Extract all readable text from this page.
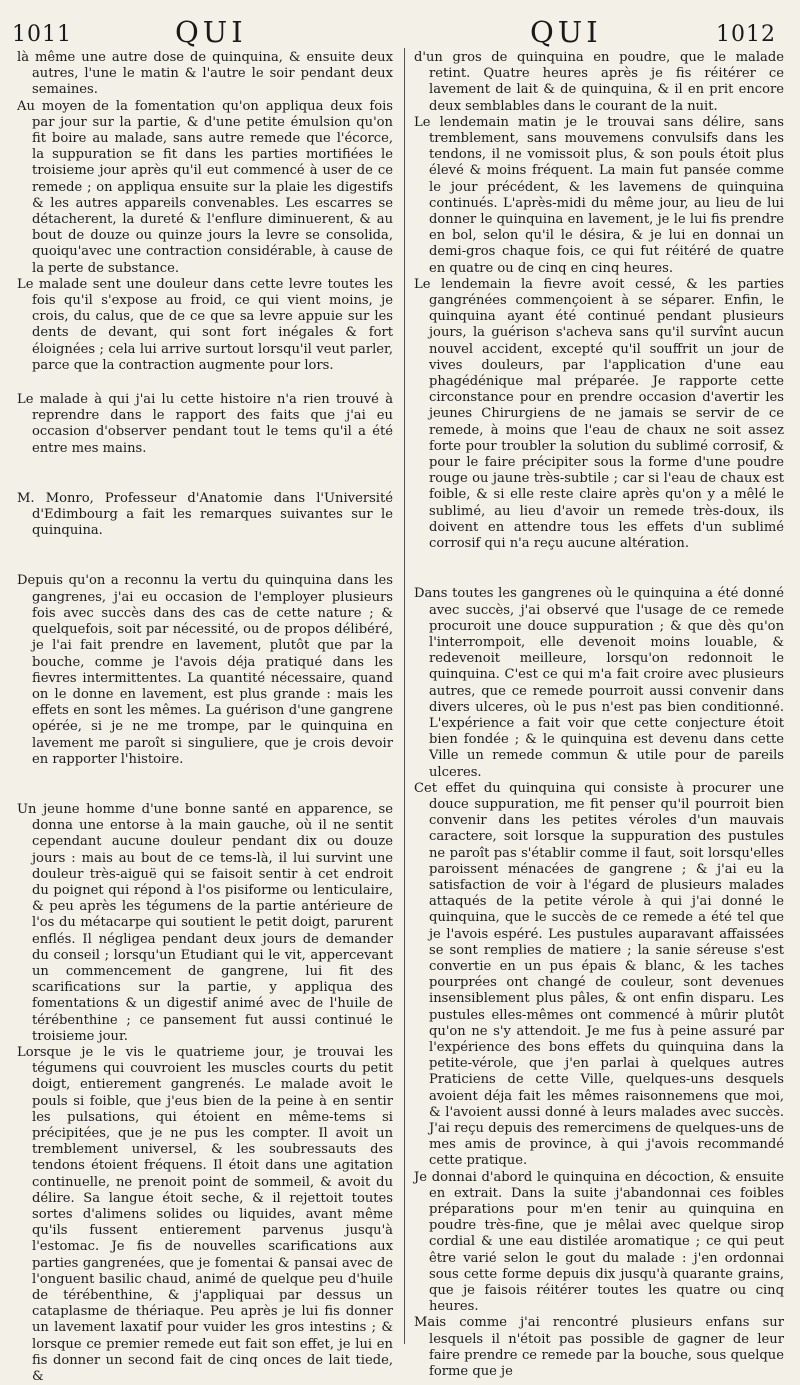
1011	QUI	QUI	1012

là même une autre dose de quinquina, & ensuite deux autres, l'une le matin & l'autre le soir pendant deux semaines.

Au moyen de la fomentation qu'on appliqua deux fois par jour sur la partie, & d'une petite émulsion qu'on fit boire au malade, sans autre remede que l'écorce, la suppuration se fit dans les parties mortifiées le troisieme jour après qu'il eut commencé à user de ce remede ; on appliqua ensuite sur la plaie les digestifs & les autres appareils convenables. Les escarres se détacherent, la dureté & l'enflure diminuerent, & au bout de douze ou quinze jours la levre se consolida, quoiqu'avec une contraction considérable, à cause de la perte de substance.

Le malade sent une douleur dans cette levre toutes les fois qu'il s'expose au froid, ce qui vient moins, je crois, du calus, que de ce que sa levre appuie sur les dents de devant, qui sont fort inégales & fort éloignées ; cela lui arrive surtout lorsqu'il veut parler, parce que la contraction augmente pour lors.

Le malade à qui j'ai lu cette histoire n'a rien trouvé à reprendre dans le rapport des faits que j'ai eu occasion d'observer pendant tout le tems qu'il a été entre mes mains.

M. Monro, Professeur d'Anatomie dans l'Université d'Edimbourg a fait les remarques suivantes sur le quinquina.

Depuis qu'on a reconnu la vertu du quinquina dans les gangrenes, j'ai eu occasion de l'employer plusieurs fois avec succès dans des cas de cette nature ; & quelquefois, soit par nécessité, ou de propos délibéré, je l'ai fait prendre en lavement, plutôt que par la bouche, comme je l'avois déja pratiqué dans les fievres intermittentes. La quantité nécessaire, quand on le donne en lavement, est plus grande : mais les effets en sont les mêmes. La guérison d'une gangrene opérée, si je ne me trompe, par le quinquina en lavement me paroît si singuliere, que je crois devoir en rapporter l'histoire.

Un jeune homme d'une bonne santé en apparence, se donna une entorse à la main gauche, où il ne sentit cependant aucune douleur pendant dix ou douze jours : mais au bout de ce tems-là, il lui survint une douleur très-aiguë qui se faisoit sentir à cet endroit du poignet qui répond à l'os pisiforme ou lenticulaire, & peu après les tégumens de la partie antérieure de l'os du métacarpe qui soutient le petit doigt, parurent enflés. Il négligea pendant deux jours de demander du conseil ; lorsqu'un Etudiant qui le vit, appercevant un commencement de gangrene, lui fit des scarifications sur la partie, y appliqua des fomentations & un digestif animé avec de l'huile de térébenthine ; ce pansement fut aussi continué le troisieme jour.

Lorsque je le vis le quatrieme jour, je trouvai les tégumens qui couvroient les muscles courts du petit doigt, entierement gangrenés. Le malade avoit le pouls si foible, que j'eus bien de la peine à en sentir les pulsations, qui étoient en même-tems si précipitées, que je ne pus les compter. Il avoit un tremblement universel, & les soubressauts des tendons étoient fréquens. Il étoit dans une agitation continuelle, ne prenoit point de sommeil, & avoit du délire. Sa langue étoit seche, & il rejettoit toutes sortes d'alimens solides ou liquides, avant même qu'ils fussent entierement parvenus jusqu'à l'estomac. Je fis de nouvelles scarifications aux parties gangrenées, que je fomentai & pansai avec de l'onguent basilic chaud, animé de quelque peu d'huile de térébenthine, & j'appliquai par dessus un cataplasme de thériaque. Peu après je lui fis donner un lavement laxatif pour vuider les gros intestins ; & lorsque ce premier remede eut fait son effet, je lui en fis donner un second fait de cinq onces de lait tiede, &

d'un gros de quinquina en poudre, que le malade retint. Quatre heures après je fis réitérer ce lavement de lait & de quinquina, & il en prit encore deux semblables dans le courant de la nuit.

Le lendemain matin je le trouvai sans délire, sans tremblement, sans mouvemens convulsifs dans les tendons, il ne vomissoit plus, & son pouls étoit plus élevé & moins fréquent. La main fut pansée comme le jour précédent, & les lavemens de quinquina continués. L'après-midi du même jour, au lieu de lui donner le quinquina en lavement, je le lui fis prendre en bol, selon qu'il le désira, & je lui en donnai un demi-gros chaque fois, ce qui fut réitéré de quatre en quatre ou de cinq en cinq heures.

Le lendemain la fievre avoit cessé, & les parties gangrénées commençoient à se séparer. Enfin, le quinquina ayant été continué pendant plusieurs jours, la guérison s'acheva sans qu'il survînt aucun nouvel accident, excepté qu'il souffrit un jour de vives douleurs, par l'application d'une eau phagédénique mal préparée. Je rapporte cette circonstance pour en prendre occasion d'avertir les jeunes Chirurgiens de ne jamais se servir de ce remede, à moins que l'eau de chaux ne soit assez forte pour troubler la solution du sublimé corrosif, & pour le faire précipiter sous la forme d'une poudre rouge ou jaune très-subtile ; car si l'eau de chaux est foible, & si elle reste claire après qu'on y a mêlé le sublimé, au lieu d'avoir un remede très-doux, ils doivent en attendre tous les effets d'un sublimé corrosif qui n'a reçu aucune altération.

Dans toutes les gangrenes où le quinquina a été donné avec succès, j'ai observé que l'usage de ce remede procuroit une douce suppuration ; & que dès qu'on l'interrompoit, elle devenoit moins louable, & redevenoit meilleure, lorsqu'on redonnoit le quinquina. C'est ce qui m'a fait croire avec plusieurs autres, que ce remede pourroit aussi convenir dans divers ulceres, où le pus n'est pas bien conditionné. L'expérience a fait voir que cette conjecture étoit bien fondée ; & le quinquina est devenu dans cette Ville un remede commun & utile pour de pareils ulceres.

Cet effet du quinquina qui consiste à procurer une douce suppuration, me fit penser qu'il pourroit bien convenir dans les petites véroles d'un mauvais caractere, soit lorsque la suppuration des pustules ne paroît pas s'établir comme il faut, soit lorsqu'elles paroissent ménacées de gangrene ; & j'ai eu la satisfaction de voir à l'égard de plusieurs malades attaqués de la petite vérole à qui j'ai donné le quinquina, que le succès de ce remede a été tel que je l'avois espéré. Les pustules auparavant affaissées se sont remplies de matiere ; la sanie séreuse s'est convertie en un pus épais & blanc, & les taches pourprées ont changé de couleur, sont devenues insensiblement plus pâles, & ont enfin disparu. Les pustules elles-mêmes ont commencé à mûrir plutôt qu'on ne s'y attendoit. Je me fus à peine assuré par l'expérience des bons effets du quinquina dans la petite-vérole, que j'en parlai à quelques autres Praticiens de cette Ville, quelques-uns desquels avoient déja fait les mêmes raisonnemens que moi, & l'avoient aussi donné à leurs malades avec succès. J'ai reçu depuis des remercimens de quelques-uns de mes amis de province, à qui j'avois recommandé cette pratique.

Je donnai d'abord le quinquina en décoction, & ensuite en extrait. Dans la suite j'abandonnai ces foibles préparations pour m'en tenir au quinquina en poudre très-fine, que je mêlai avec quelque sirop cordial & une eau distilée aromatique ; ce qui peut être varié selon le gout du malade : j'en ordonnai sous cette forme depuis dix jusqu'à quarante grains, que je faisois réitérer toutes les quatre ou cinq heures.

Mais comme j'ai rencontré plusieurs enfans sur lesquels il n'étoit pas possible de gagner de leur faire prendre ce remede par la bouche, sous quelque forme que je
